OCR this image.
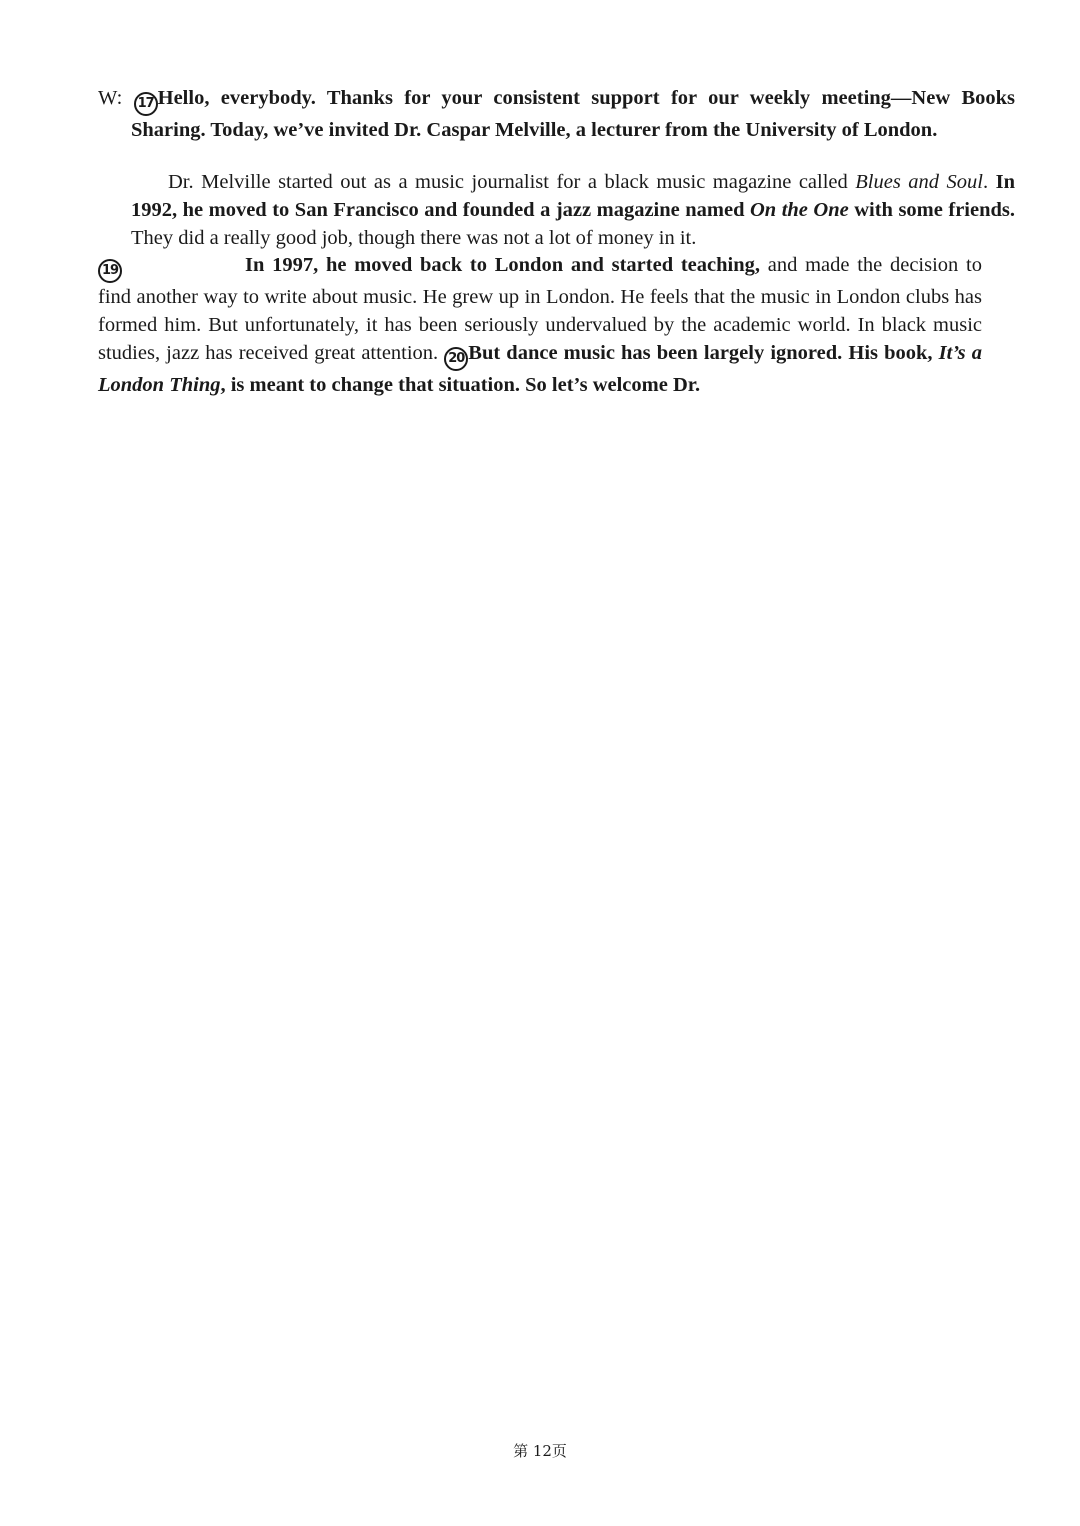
W: 17 Hello, everybody. Thanks for your consistent support for our weekly meeting—New Books Sharing. Today, we’ve invited Dr. Caspar Melville, a lecturer from the University of London.
Dr. Melville started out as a music journalist for a black music magazine called Blues and Soul. In 1992, he moved to San Francisco and founded a jazz magazine named On the One with some friends. They did a really good job, though there was not a lot of money in it.
19	In 1997, he moved back to London and started teaching, and made the decision to find another way to write about music. He grew up in London. He feels that the music in London clubs has formed him. But unfortunately, it has been seriously undervalued by the academic world. In black music studies, jazz has received great attention. 20 But dance music has been largely ignored. His book, It’s a London Thing, is meant to change that situation. So let’s welcome Dr.
第 12页
